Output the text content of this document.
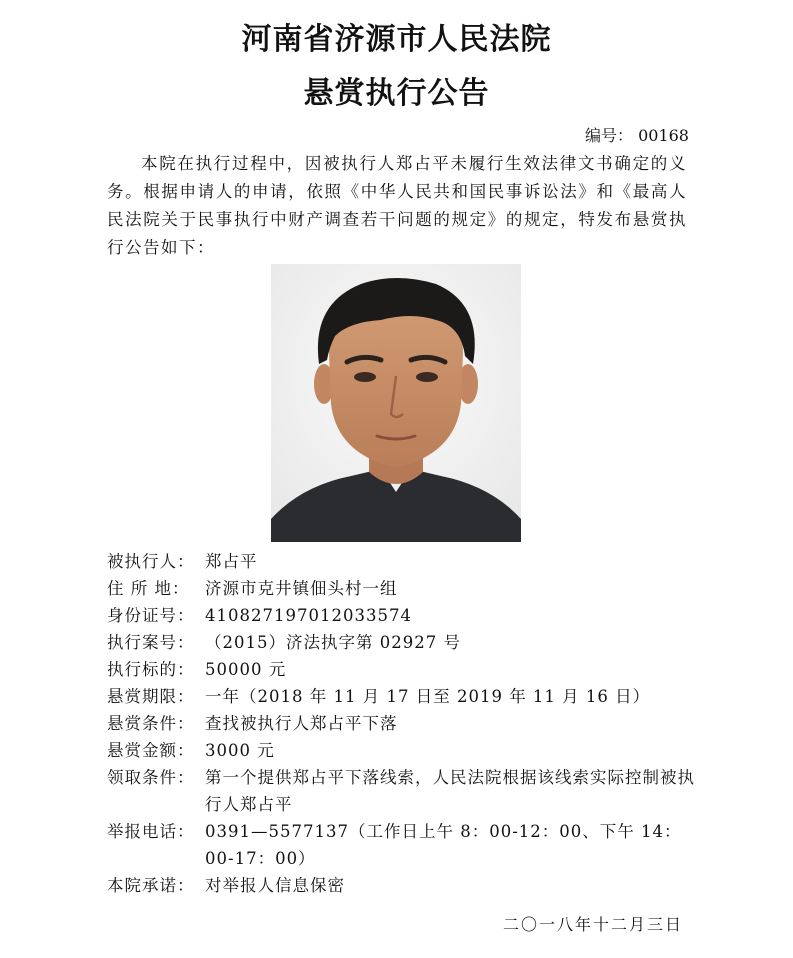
河南省济源市人民法院
悬赏执行公告
编号： 00168

本院在执行过程中，因被执行人郑占平未履行生效法律文书确定的义务。根据申请人的申请，依照《中华人民共和国民事诉讼法》和《最高人民法院关于民事执行中财产调查若干问题的规定》的规定，特发布悬赏执行公告如下：

被执行人： 郑占平
住 所 地： 济源市克井镇佃头村一组
身份证号： 410827197012033574
执行案号： （2015）济法执字第 02927 号
执行标的： 50000 元
悬赏期限： 一年（2018 年 11 月 17 日至 2019 年 11 月 16 日）
悬赏条件： 查找被执行人郑占平下落
悬赏金额： 3000 元
领取条件： 第一个提供郑占平下落线索，人民法院根据该线索实际控制被执行人郑占平
举报电话： 0391—5577137（工作日上午 8：00-12：00、下午 14：00-17：00）
本院承诺： 对举报人信息保密
二〇一八年十二月三日
